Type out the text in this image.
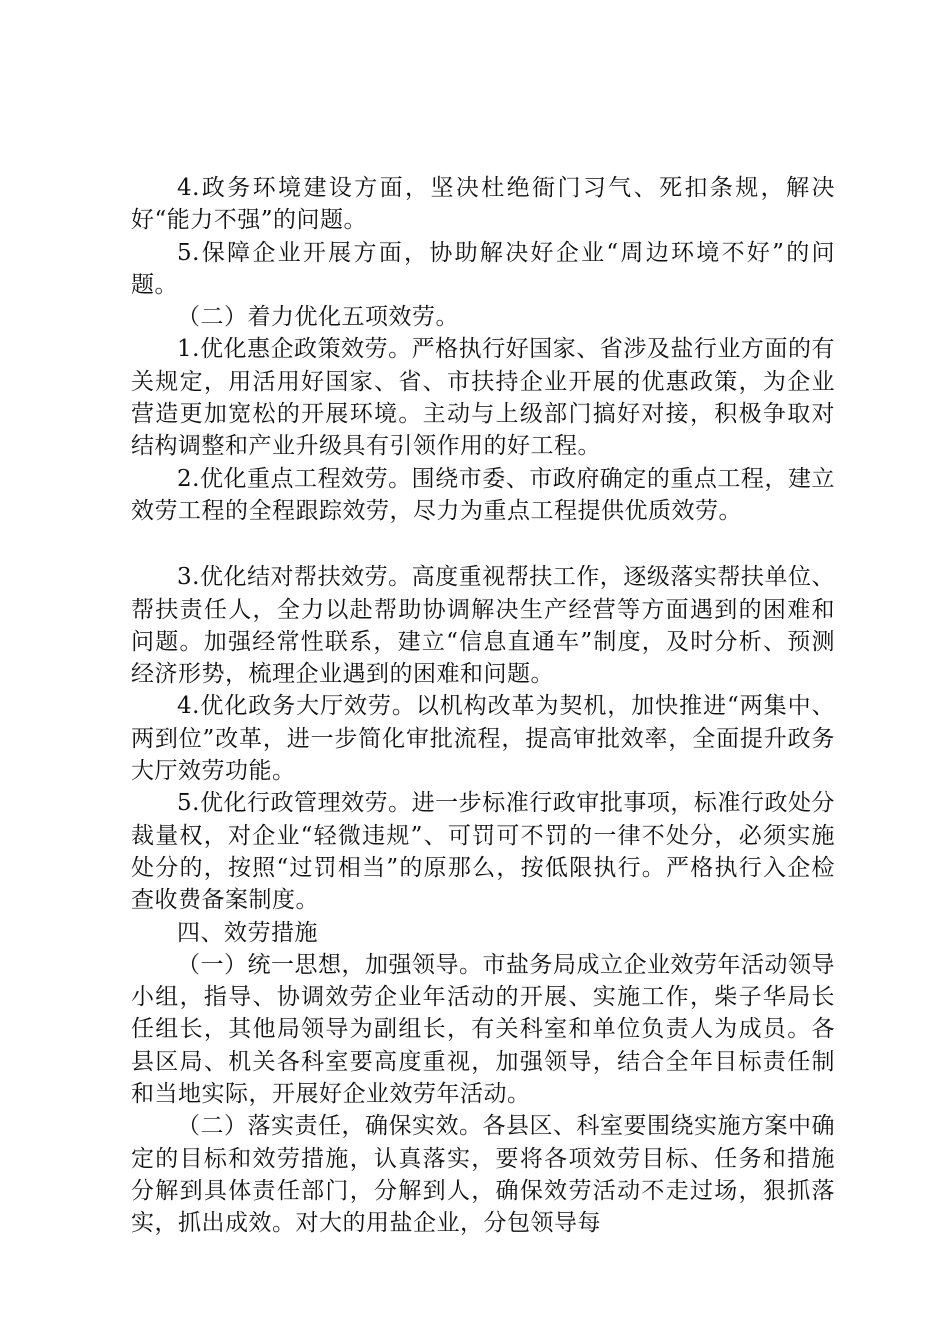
4.政务环境建设方面，坚决杜绝衙门习气、死扣条规，解决好“能力不强”的问题。

5.保障企业开展方面，协助解决好企业“周边环境不好”的问题。

（二）着力优化五项效劳。

1.优化惠企政策效劳。严格执行好国家、省涉及盐行业方面的有关规定，用活用好国家、省、市扶持企业开展的优惠政策，为企业营造更加宽松的开展环境。主动与上级部门搞好对接，积极争取对结构调整和产业升级具有引领作用的好工程。

2.优化重点工程效劳。围绕市委、市政府确定的重点工程，建立效劳工程的全程跟踪效劳，尽力为重点工程提供优质效劳。

3.优化结对帮扶效劳。高度重视帮扶工作，逐级落实帮扶单位、帮扶责任人，全力以赴帮助协调解决生产经营等方面遇到的困难和问题。加强经常性联系，建立“信息直通车”制度，及时分析、预测经济形势，梳理企业遇到的困难和问题。

4.优化政务大厅效劳。以机构改革为契机，加快推进“两集中、两到位”改革，进一步简化审批流程，提高审批效率，全面提升政务大厅效劳功能。

5.优化行政管理效劳。进一步标准行政审批事项，标准行政处分裁量权，对企业“轻微违规”、可罚可不罚的一律不处分，必须实施处分的，按照“过罚相当”的原那么，按低限执行。严格执行入企检查收费备案制度。

四、效劳措施

（一）统一思想，加强领导。市盐务局成立企业效劳年活动领导小组，指导、协调效劳企业年活动的开展、实施工作，柴子华局长任组长，其他局领导为副组长，有关科室和单位负责人为成员。各县区局、机关各科室要高度重视，加强领导，结合全年目标责任制和当地实际，开展好企业效劳年活动。

（二）落实责任，确保实效。各县区、科室要围绕实施方案中确定的目标和效劳措施，认真落实，要将各项效劳目标、任务和措施分解到具体责任部门，分解到人，确保效劳活动不走过场，狠抓落实，抓出成效。对大的用盐企业，分包领导每
